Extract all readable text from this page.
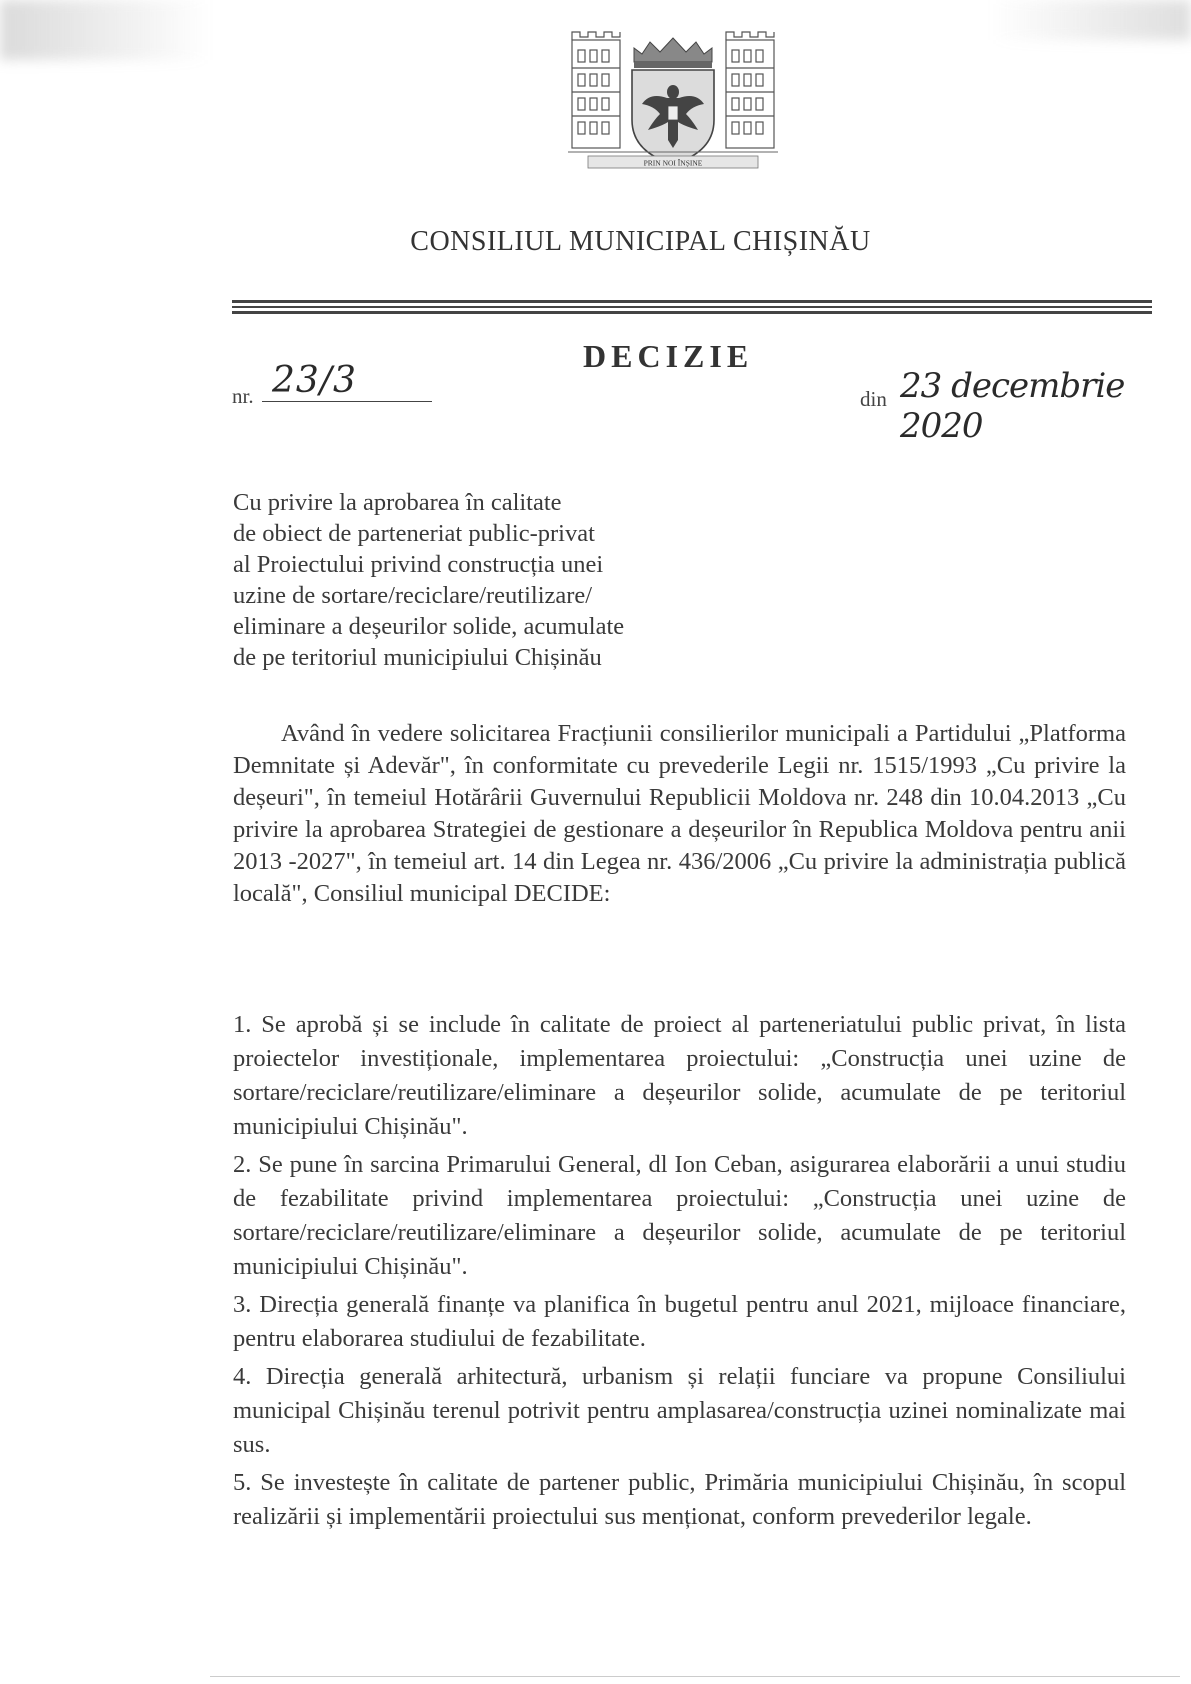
PRIN NOI ÎNȘINE
CONSILIUL MUNICIPAL CHIȘINĂU
DECIZIE
nr. 23/3	din 23 decembrie 2020
Cu privire la aprobarea în calitate
de obiect de parteneriat public-privat
al Proiectului privind construcția unei
uzine de sortare/reciclare/reutilizare/
eliminare a deșeurilor solide, acumulate
de pe teritoriul municipiului Chișinău
Având în vedere solicitarea Fracțiunii consilierilor municipali a Partidului „Platforma Demnitate și Adevăr", în conformitate cu prevederile Legii nr. 1515/1993 „Cu privire la deșeuri", în temeiul Hotărârii Guvernului Republicii Moldova nr. 248 din 10.04.2013 „Cu privire la aprobarea Strategiei de gestionare a deșeurilor în Republica Moldova pentru anii 2013 -2027", în temeiul art. 14 din Legea nr. 436/2006 „Cu privire la administrația publică locală", Consiliul municipal DECIDE:

1. Se aprobă și se include în calitate de proiect al parteneriatului public privat, în lista proiectelor investiționale, implementarea proiectului: „Construcția unei uzine de sortare/reciclare/reutilizare/eliminare a deșeurilor solide, acumulate de pe teritoriul municipiului Chișinău".

2. Se pune în sarcina Primarului General, dl Ion Ceban, asigurarea elaborării a unui studiu de fezabilitate privind implementarea proiectului: „Construcția unei uzine de sortare/reciclare/reutilizare/eliminare a deșeurilor solide, acumulate de pe teritoriul municipiului Chișinău".

3. Direcția generală finanțe va planifica în bugetul pentru anul 2021, mijloace financiare, pentru elaborarea studiului de fezabilitate.

4. Direcția generală arhitectură, urbanism și relații funciare va propune Consiliului municipal Chișinău terenul potrivit pentru amplasarea/construcția uzinei nominalizate mai sus.

5. Se investește în calitate de partener public, Primăria municipiului Chișinău, în scopul realizării și implementării proiectului sus menționat, conform prevederilor legale.
